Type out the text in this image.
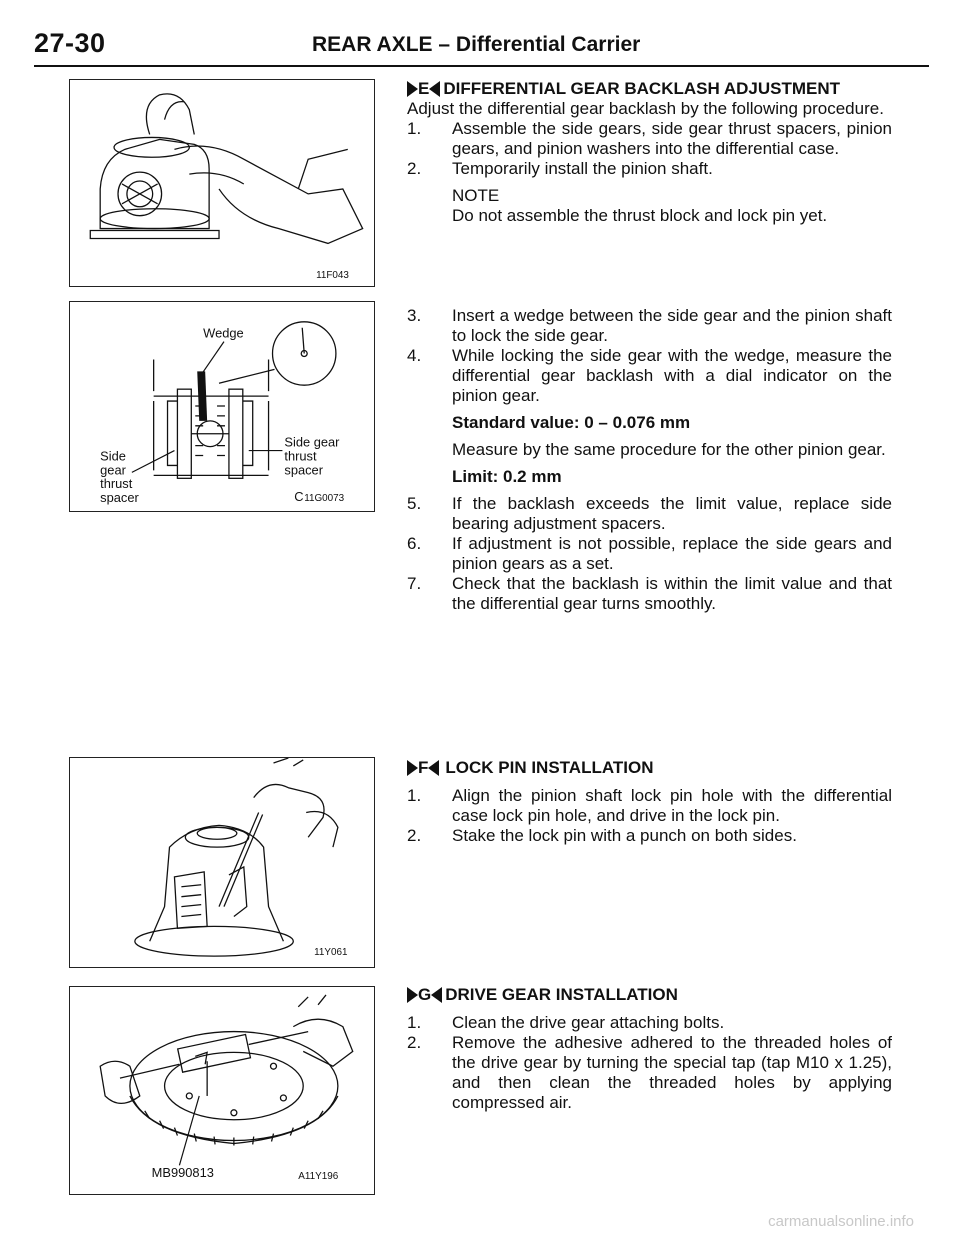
27-30	REAR AXLE – Differential Carrier
11F043
Wedge
Side
gear
thrust
spacer
Side gear
thrust
spacer
C 11G0073
11Y061
MB990813	A11Y196

E DIFFERENTIAL GEAR BACKLASH ADJUSTMENT

Adjust the differential gear backlash by the following procedure.

1.	Assemble the side gears, side gear thrust spacers, pinion gears, and pinion washers into the differential case.
2.	Temporarily install the pinion shaft.

NOTE

Do not assemble the thrust block and lock pin yet.

3.	Insert a wedge between the side gear and the pinion shaft to lock the side gear.
4.	While locking the side gear with the wedge, measure the differential gear backlash with a dial indicator on the pinion gear.

Standard value: 0 – 0.076 mm

Measure by the same procedure for the other pinion gear.

Limit: 0.2 mm

5.	If the backlash exceeds the limit value, replace side bearing adjustment spacers.
6.	If adjustment is not possible, replace the side gears and pinion gears as a set.
7.	Check that the backlash is within the limit value and that the differential gear turns smoothly.

F LOCK PIN INSTALLATION

1.	Align the pinion shaft lock pin hole with the differential case lock pin hole, and drive in the lock pin.
2.	Stake the lock pin with a punch on both sides.

G DRIVE GEAR INSTALLATION

1.	Clean the drive gear attaching bolts.
2.	Remove the adhesive adhered to the threaded holes of the drive gear by turning the special tap (tap M10 x 1.25), and then clean the threaded holes by applying compressed air.
carmanualsonline.info
